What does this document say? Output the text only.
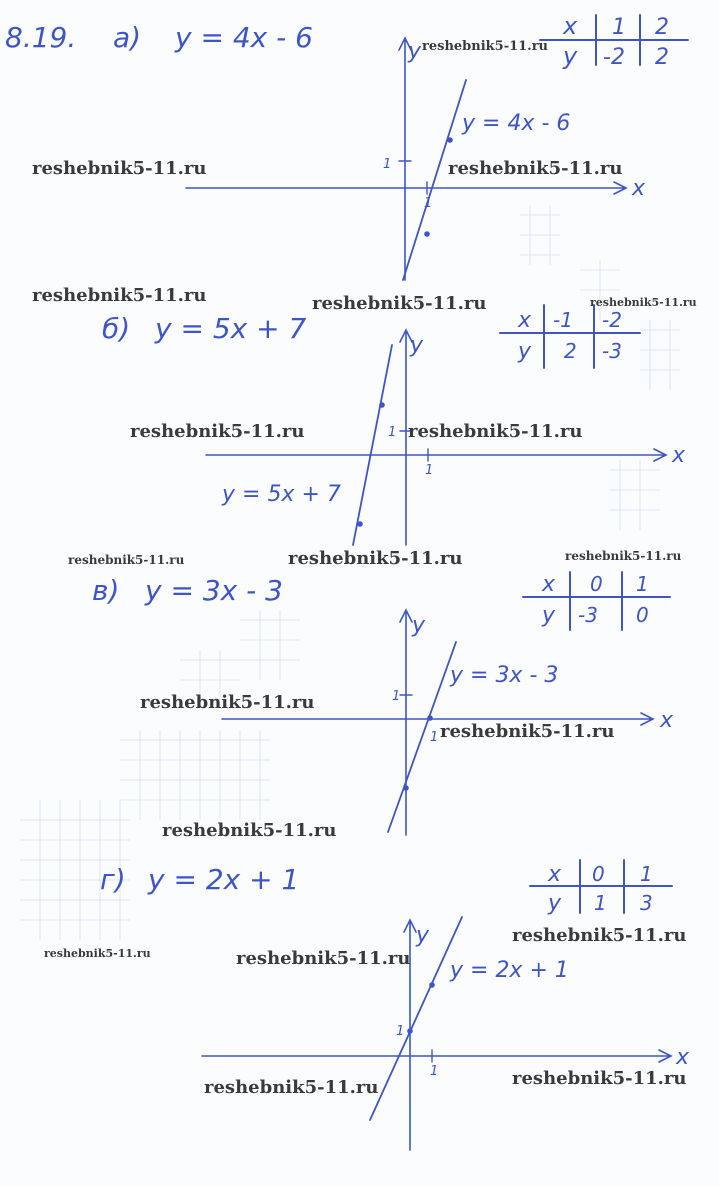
8.19. а) y = 4x - 6	x 1 2
y -2 2
x
y
1
1
y = 4x - 6
б) y = 5x + 7	x -1 -2
y 2 -3
x
y
1
1
y = 5x + 7
в) y = 3x - 3	x 0 1
y -3 0
x
y
1
1
y = 3x - 3
г) y = 2x + 1	x 0 1
y 1 3
x
y
1
1
y = 2x + 1
reshebnik5-11.ru
reshebnik5-11.ru	reshebnik5-11.ru
reshebnik5-11.ru	reshebnik5-11.ru	reshebnik5-11.ru
reshebnik5-11.ru	reshebnik5-11.ru
reshebnik5-11.ru	reshebnik5-11.ru	reshebnik5-11.ru
reshebnik5-11.ru
reshebnik5-11.ru
reshebnik5-11.ru
reshebnik5-11.ru
reshebnik5-11.ru	reshebnik5-11.ru
reshebnik5-11.ru	reshebnik5-11.ru
